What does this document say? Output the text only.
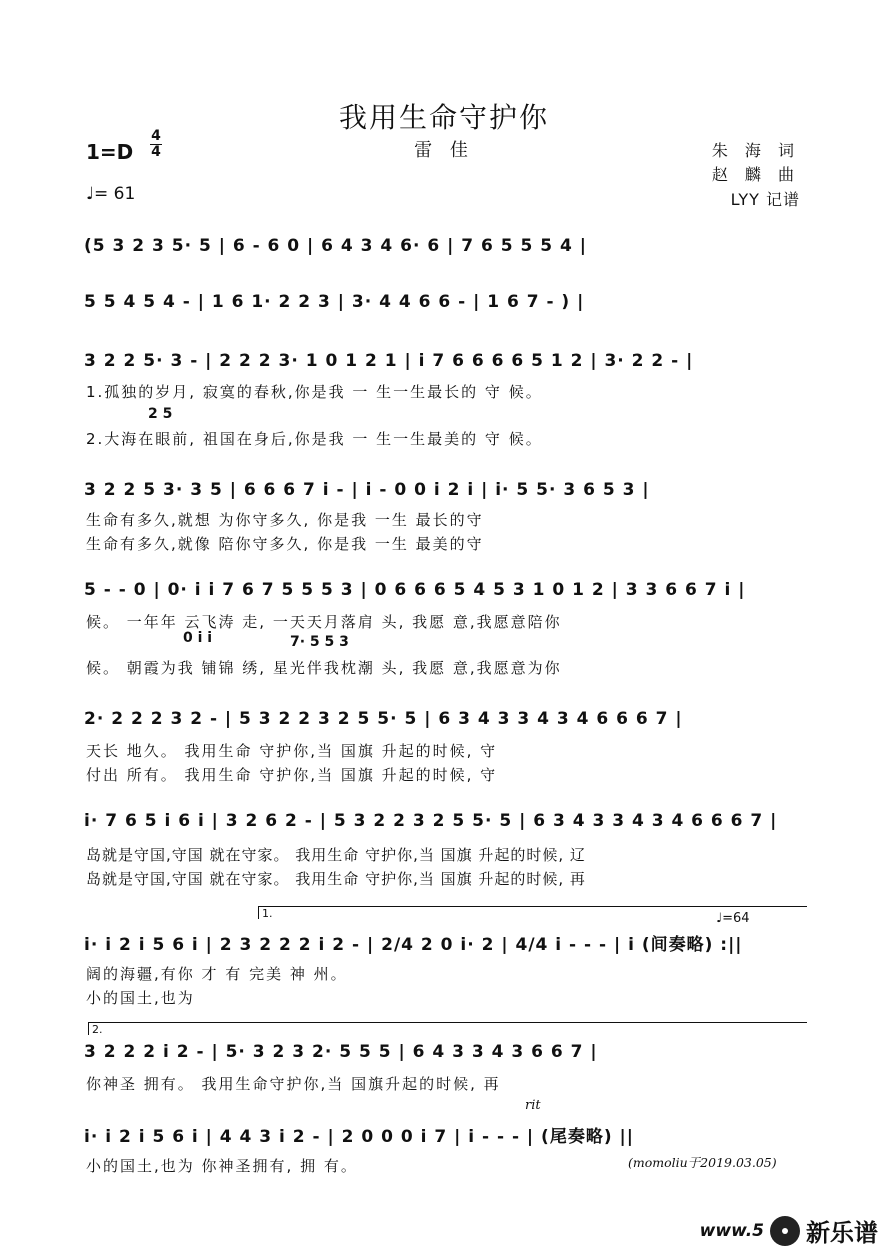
我用生命守护你
1=D
4
4	雷 佳	朱 海 词
赵 麟 曲
LYY 记谱
♩= 61
(5 3 2 3 5· 5 | 6 - 6 0 | 6 4 3 4 6· 6 | 7 6 5 5 5 4 |
5 5 4 5 4 - | 1 6 1· 2 2 3 | 3· 4 4 6 6 - | 1 6 7 - ) |
3 2 2 5· 3 - | 2 2 2 3· 1 0 1 2 1 | i 7 6 6 6 6 5 1 2 | 3· 2 2 - |
1.孤独的岁月, 寂寞的春秋,你是我 一 生一生最长的 守 候。
2 5
2.大海在眼前, 祖国在身后,你是我 一 生一生最美的 守 候。
3 2 2 5 3· 3 5 | 6 6 6 7 i - | i - 0 0 i 2 i | i· 5 5· 3 6 5 3 |
生命有多久,就想 为你守多久, 你是我 一生 最长的守
生命有多久,就像 陪你守多久, 你是我 一生 最美的守
5 - - 0 | 0· i i 7 6 7 5 5 5 3 | 0 6 6 6 5 4 5 3 1 0 1 2 | 3 3 6 6 7 i |
候。 一年年 云飞涛 走, 一天天月落肩 头, 我愿 意,我愿意陪你
0 i i	7· 5 5 3
候。 朝霞为我 铺锦 绣, 星光伴我枕潮 头, 我愿 意,我愿意为你
2· 2 2 2 3 2 - | 5 3 2 2 3 2 5 5· 5 | 6 3 4 3 3 4 3 4 6 6 6 7 |
天长 地久。 我用生命 守护你,当 国旗 升起的时候, 守
付出 所有。 我用生命 守护你,当 国旗 升起的时候, 守
i· 7 6 5 i 6 i | 3 2 6 2 - | 5 3 2 2 3 2 5 5· 5 | 6 3 4 3 3 4 3 4 6 6 6 7 |
岛就是守国,守国 就在守家。 我用生命 守护你,当 国旗 升起的时候, 辽
岛就是守国,守国 就在守家。 我用生命 守护你,当 国旗 升起的时候, 再
1.	♩=64
i· i 2 i 5 6 i | 2 3 2 2 2 i 2 - | 2/4 2 0 i· 2 | 4/4 i - - - | i (间奏略) :||
阔的海疆,有你 才 有 完美 神 州。
小的国土,也为
2.
3 2 2 2 i 2 - | 5· 3 2 3 2· 5 5 5 | 6 4 3 3 4 3 6 6 7 |
你神圣 拥有。 我用生命守护你,当 国旗升起的时候, 再
rit
i· i 2 i 5 6 i | 4 4 3 i 2 - | 2 0 0 0 i 7 | i - - - | (尾奏略) ||
小的国土,也为 你神圣拥有, 拥 有。	(momoliu于2019.03.05)
www.5 新乐谱
